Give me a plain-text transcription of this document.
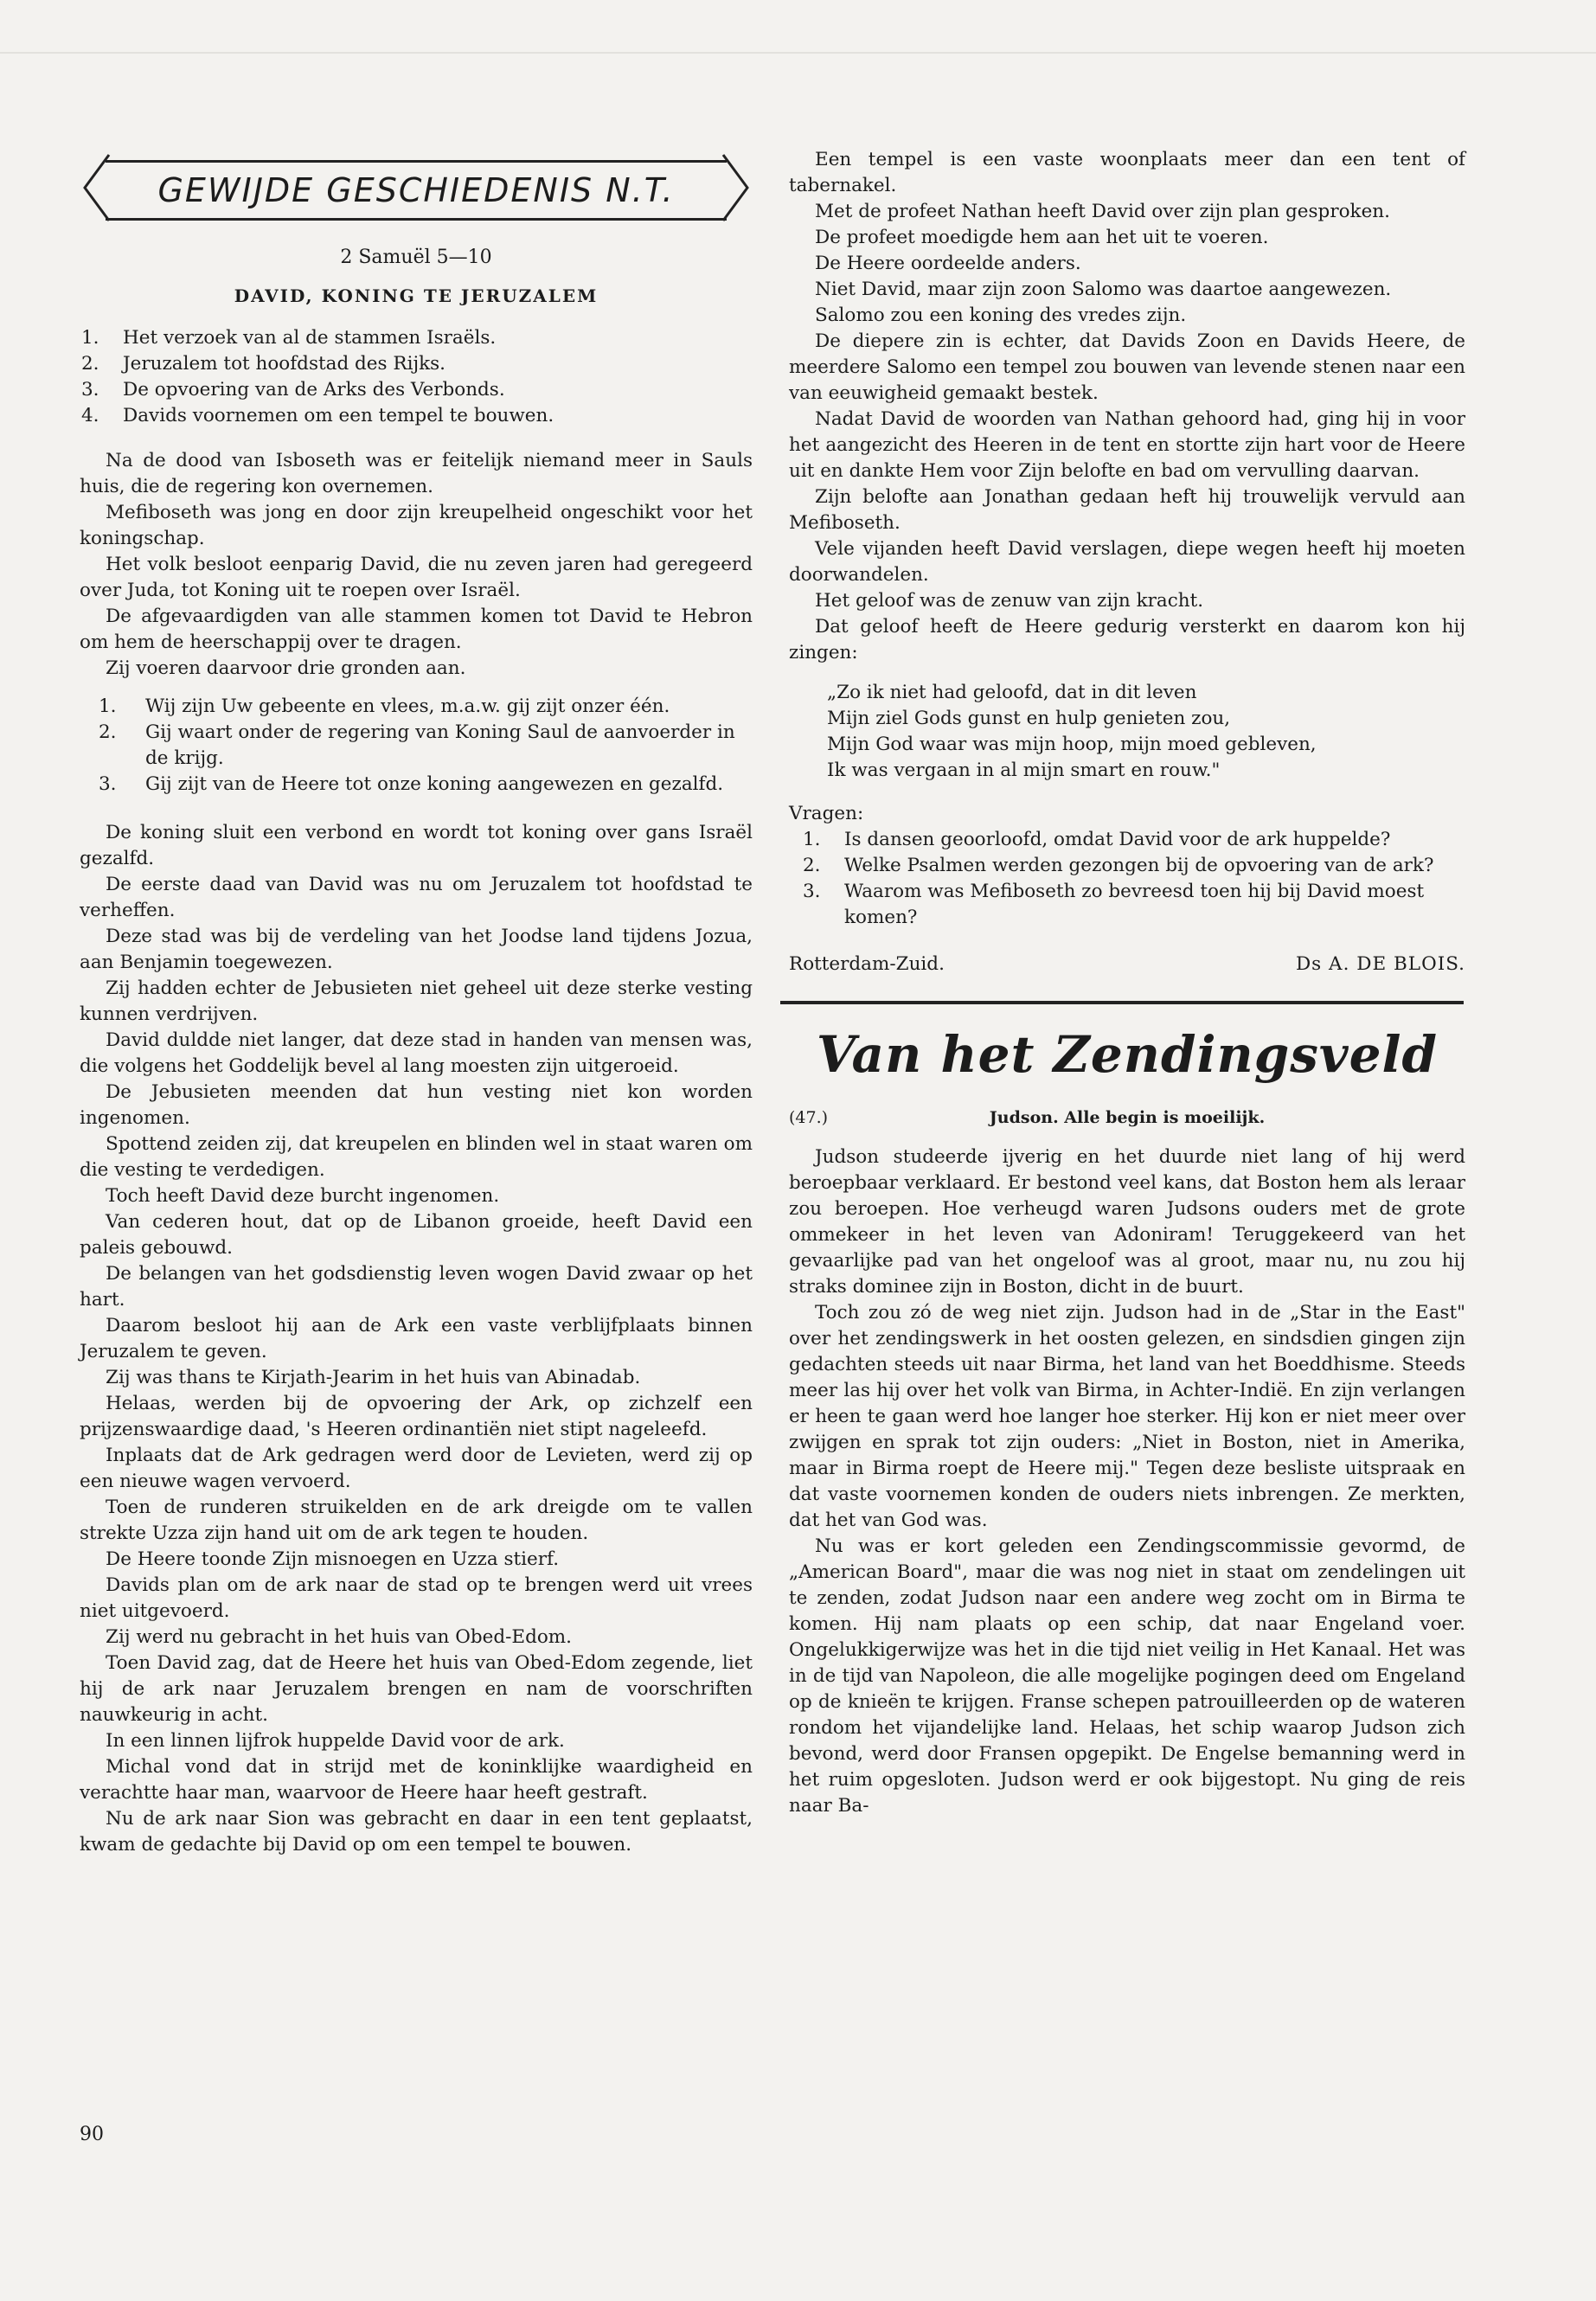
GEWIJDE GESCHIEDENIS N.T.
2 Samuël 5—10
DAVID, KONING TE JERUZALEM
1.	Het verzoek van al de stammen Israëls.
2.	Jeruzalem tot hoofdstad des Rijks.
3.	De opvoering van de Arks des Verbonds.
4.	Davids voornemen om een tempel te bouwen.

Na de dood van Isboseth was er feitelijk niemand meer in Sauls huis, die de regering kon overnemen.

Mefiboseth was jong en door zijn kreupelheid ongeschikt voor het koningschap.

Het volk besloot eenparig David, die nu zeven jaren had geregeerd over Juda, tot Koning uit te roepen over Israël.

De afgevaardigden van alle stammen komen tot David te Hebron om hem de heerschappij over te dragen.

Zij voeren daarvoor drie gronden aan.

1.	Wij zijn Uw gebeente en vlees, m.a.w. gij zijt onzer één.
2.	Gij waart onder de regering van Koning Saul de aanvoerder in de krijg.
3.	Gij zijt van de Heere tot onze koning aangewezen en gezalfd.

De koning sluit een verbond en wordt tot koning over gans Israël gezalfd.

De eerste daad van David was nu om Jeruzalem tot hoofdstad te verheffen.

Deze stad was bij de verdeling van het Joodse land tijdens Jozua, aan Benjamin toegewezen.

Zij hadden echter de Jebusieten niet geheel uit deze sterke vesting kunnen verdrijven.

David duldde niet langer, dat deze stad in handen van mensen was, die volgens het Goddelijk bevel al lang moesten zijn uitgeroeid.

De Jebusieten meenden dat hun vesting niet kon worden ingenomen.

Spottend zeiden zij, dat kreupelen en blinden wel in staat waren om die vesting te verdedigen.

Toch heeft David deze burcht ingenomen.

Van cederen hout, dat op de Libanon groeide, heeft David een paleis gebouwd.

De belangen van het godsdienstig leven wogen David zwaar op het hart.

Daarom besloot hij aan de Ark een vaste verblijfplaats binnen Jeruzalem te geven.

Zij was thans te Kirjath-Jearim in het huis van Abinadab.

Helaas, werden bij de opvoering der Ark, op zichzelf een prijzenswaardige daad, 's Heeren ordinantiën niet stipt nageleefd.

Inplaats dat de Ark gedragen werd door de Levieten, werd zij op een nieuwe wagen vervoerd.

Toen de runderen struikelden en de ark dreigde om te vallen strekte Uzza zijn hand uit om de ark tegen te houden.

De Heere toonde Zijn misnoegen en Uzza stierf.

Davids plan om de ark naar de stad op te brengen werd uit vrees niet uitgevoerd.

Zij werd nu gebracht in het huis van Obed-Edom.

Toen David zag, dat de Heere het huis van Obed-Edom zegende, liet hij de ark naar Jeruzalem brengen en nam de voorschriften nauwkeurig in acht.

In een linnen lijfrok huppelde David voor de ark.

Michal vond dat in strijd met de koninklijke waardigheid en verachtte haar man, waarvoor de Heere haar heeft gestraft.

Nu de ark naar Sion was gebracht en daar in een tent geplaatst, kwam de gedachte bij David op om een tempel te bouwen.

Een tempel is een vaste woonplaats meer dan een tent of tabernakel.

Met de profeet Nathan heeft David over zijn plan gesproken.

De profeet moedigde hem aan het uit te voeren.

De Heere oordeelde anders.

Niet David, maar zijn zoon Salomo was daartoe aangewezen.

Salomo zou een koning des vredes zijn.

De diepere zin is echter, dat Davids Zoon en Davids Heere, de meerdere Salomo een tempel zou bouwen van levende stenen naar een van eeuwigheid gemaakt bestek.

Nadat David de woorden van Nathan gehoord had, ging hij in voor het aangezicht des Heeren in de tent en stortte zijn hart voor de Heere uit en dankte Hem voor Zijn belofte en bad om vervulling daarvan.

Zijn belofte aan Jonathan gedaan heft hij trouwelijk vervuld aan Mefiboseth.

Vele vijanden heeft David verslagen, diepe wegen heeft hij moeten doorwandelen.

Het geloof was de zenuw van zijn kracht.

Dat geloof heeft de Heere gedurig versterkt en daarom kon hij zingen:

„Zo ik niet had geloofd, dat in dit leven
Mijn ziel Gods gunst en hulp genieten zou,
Mijn God waar was mijn hoop, mijn moed gebleven,
Ik was vergaan in al mijn smart en rouw."
Vragen:
1.	Is dansen geoorloofd, omdat David voor de ark huppelde?
2.	Welke Psalmen werden gezongen bij de opvoering van de ark?
3.	Waarom was Mefiboseth zo bevreesd toen hij bij David moest komen?
Rotterdam-Zuid.	Ds A. DE BLOIS.
Van het Zendingsveld
(47.)	Judson. Alle begin is moeilijk.

Judson studeerde ijverig en het duurde niet lang of hij werd beroepbaar verklaard. Er bestond veel kans, dat Boston hem als leraar zou beroepen. Hoe verheugd waren Judsons ouders met de grote ommekeer in het leven van Adoniram! Teruggekeerd van het gevaarlijke pad van het ongeloof was al groot, maar nu, nu zou hij straks dominee zijn in Boston, dicht in de buurt.

Toch zou zó de weg niet zijn. Judson had in de „Star in the East" over het zendingswerk in het oosten gelezen, en sindsdien gingen zijn gedachten steeds uit naar Birma, het land van het Boeddhisme. Steeds meer las hij over het volk van Birma, in Achter-Indië. En zijn verlangen er heen te gaan werd hoe langer hoe sterker. Hij kon er niet meer over zwijgen en sprak tot zijn ouders: „Niet in Boston, niet in Amerika, maar in Birma roept de Heere mij." Tegen deze besliste uitspraak en dat vaste voornemen konden de ouders niets inbrengen. Ze merkten, dat het van God was.

Nu was er kort geleden een Zendingscommissie gevormd, de „American Board", maar die was nog niet in staat om zendelingen uit te zenden, zodat Judson naar een andere weg zocht om in Birma te komen. Hij nam plaats op een schip, dat naar Engeland voer. Ongelukkigerwijze was het in die tijd niet veilig in Het Kanaal. Het was in de tijd van Napoleon, die alle mogelijke pogingen deed om Engeland op de knieën te krijgen. Franse schepen patrouilleerden op de wateren rondom het vijandelijke land. Helaas, het schip waarop Judson zich bevond, werd door Fransen opgepikt. De Engelse bemanning werd in het ruim opgesloten. Judson werd er ook bijgestopt. Nu ging de reis naar Ba-

90
